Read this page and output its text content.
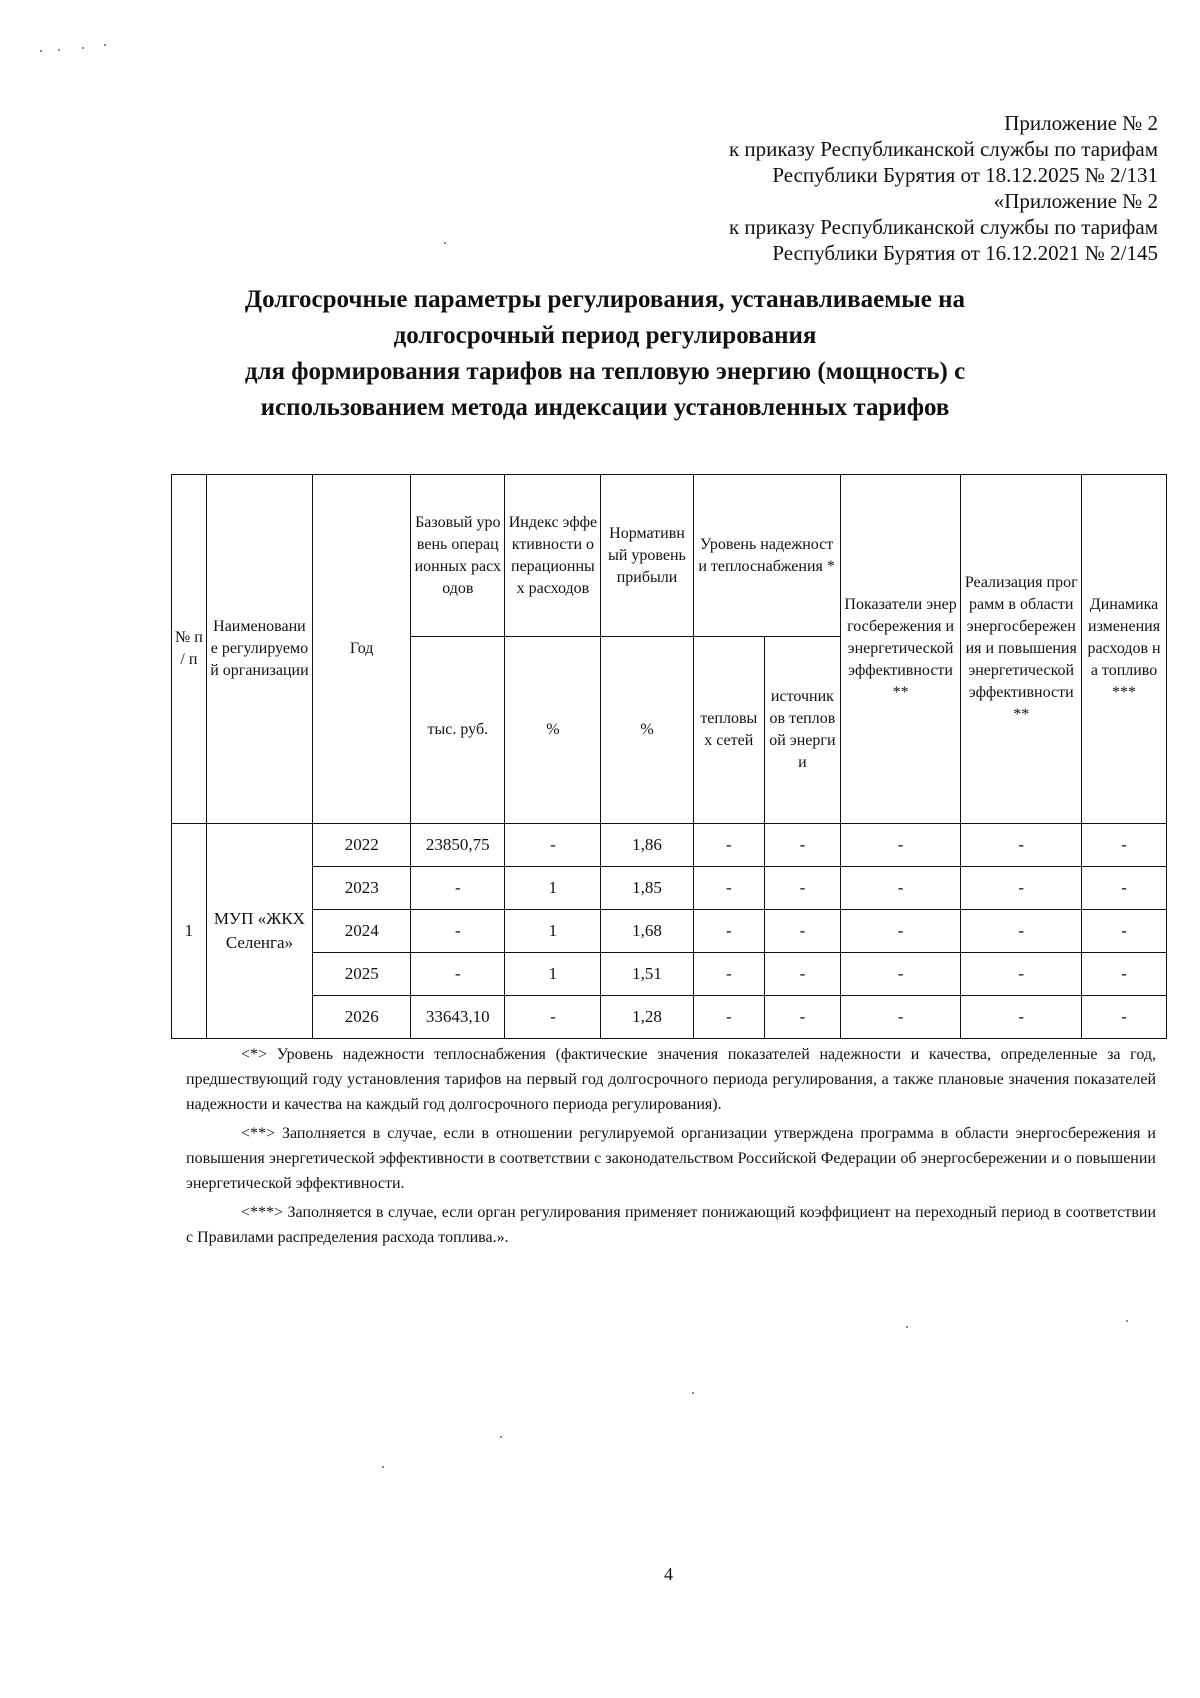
Приложение № 2
к приказу Республиканской службы по тарифам
Республики Бурятия от 18.12.2025 № 2/131
«Приложение № 2
к приказу Республиканской службы по тарифам
Республики Бурятия от 16.12.2021 № 2/145
Долгосрочные параметры регулирования, устанавливаемые на
долгосрочный период регулирования
для формирования тарифов на тепловую энергию (мощность) с
использованием метода индексации установленных тарифов
№ п / п	Наименование регулируемой организации	Год	Базовый уровень операционных расходов	Индекс эффективности операционных расходов	Нормативный уровень прибыли	Уровень надежности теплоснабжения *		Показатели энергосбережения и энергетической эффективности **	Реализация программ в области энергосбережения и повышения энергетической эффективности **	Динамика изменения расходов на топливо ***

			тыс. руб.	%	%	тепловых сетей	источников тепловой энергии			

1	МУП «ЖКХ Селенга»	2022	23850,75	-	1,86	-	-	-	-	-
		2023	-	1	1,85	-	-	-	-	-
		2024	-	1	1,68	-	-	-	-	-
		2025	-	1	1,51	-	-	-	-	-
		2026	33643,10	-	1,28	-	-	-	-	-

<*> Уровень надежности теплоснабжения (фактические значения показателей надежности и качества, определенные за год, предшествующий году установления тарифов на первый год долгосрочного периода регулирования, а также плановые значения показателей надежности и качества на каждый год долгосрочного периода регулирования).

<**> Заполняется в случае, если в отношении регулируемой организации утверждена программа в области энергосбережения и повышения энергетической эффективности в соответствии с законодательством Российской Федерации об энергосбережении и о повышении энергетической эффективности.

<***> Заполняется в случае, если орган регулирования применяет понижающий коэффициент на переходный период в соответствии с Правилами распределения расхода топлива.».

4
